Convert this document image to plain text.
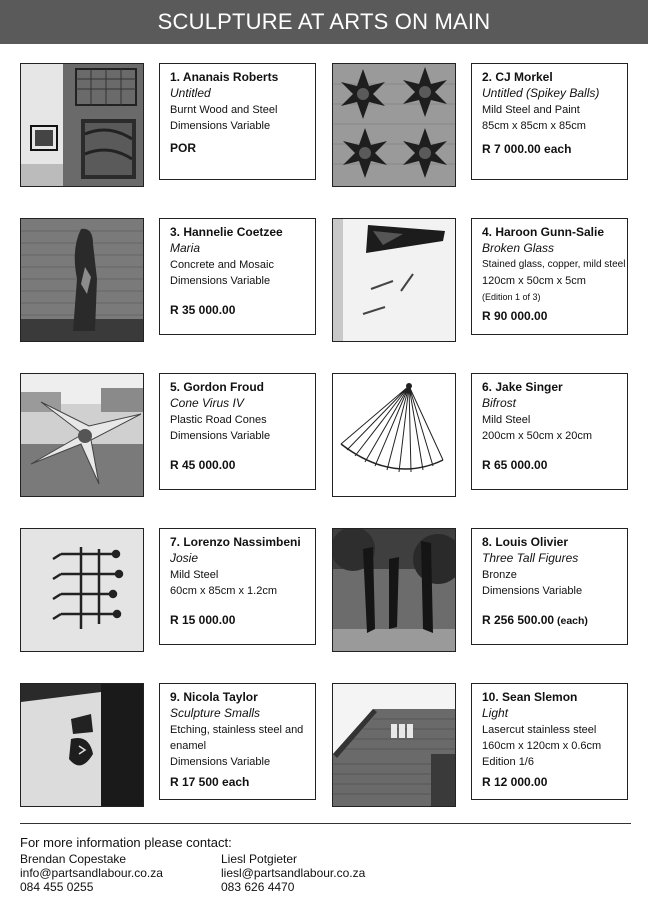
SCULPTURE AT ARTS ON MAIN
1. Ananais Roberts
Untitled
Burnt Wood and Steel
Dimensions Variable
POR
2. CJ Morkel
Untitled (Spikey Balls)
Mild Steel and Paint
85cm x 85cm x 85cm
R 7 000.00 each
3. Hannelie Coetzee
Maria
Concrete and Mosaic
Dimensions Variable
R 35 000.00
4. Haroon Gunn-Salie
Broken Glass
Stained glass, copper, mild steel
120cm x 50cm x 5cm
(Edition 1 of 3)
R 90 000.00
5. Gordon Froud
Cone Virus IV
Plastic Road Cones
Dimensions Variable
R 45 000.00
6. Jake Singer
Bifrost
Mild Steel
200cm x 50cm x 20cm
R 65 000.00
7. Lorenzo Nassimbeni
Josie
Mild Steel
60cm x 85cm x 1.2cm
R 15 000.00
8. Louis Olivier
Three Tall Figures
Bronze
Dimensions Variable
R 256 500.00 (each)
9. Nicola Taylor
Sculpture Smalls
Etching, stainless steel and
enamel
Dimensions Variable
R 17 500 each
10. Sean Slemon
Light
Lasercut stainless steel
160cm x 120cm x 0.6cm
Edition 1/6
R 12 000.00
For more information please contact:
Brendan Copestake
info@partsandlabour.co.za
084 455 0255
Liesl Potgieter
liesl@partsandlabour.co.za
083 626 4470
